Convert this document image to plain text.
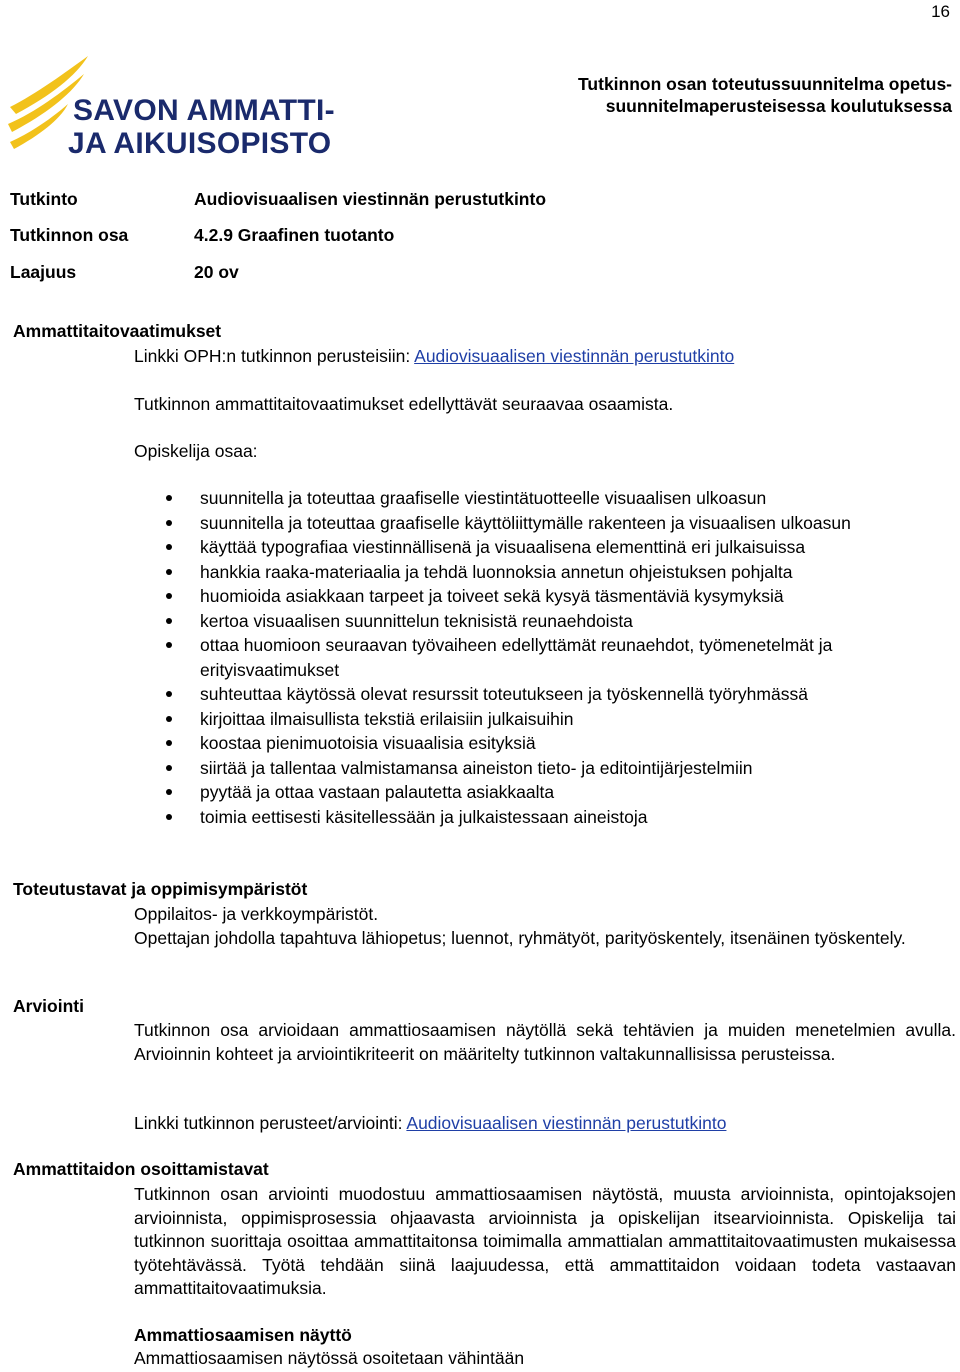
16
SAVON AMMATTI-
JA AIKUISOPISTO
Tutkinnon osan toteutussuunnitelma opetus-
suunnitelmaperusteisessa koulutuksessa
Tutkinto	Audiovisuaalisen viestinnän perustutkinto
Tutkinnon osa	4.2.9 Graafinen tuotanto
Laajuus	20 ov
Ammattitaitovaatimukset
Linkki OPH:n tutkinnon perusteisiin: Audiovisuaalisen viestinnän perustutkinto
Tutkinnon ammattitaitovaatimukset edellyttävät seuraavaa osaamista.
Opiskelija osaa:
suunnitella ja toteuttaa graafiselle viestintätuotteelle visuaalisen ulkoasun
suunnitella ja toteuttaa graafiselle käyttöliittymälle rakenteen ja visuaalisen ulkoasun
käyttää typografiaa viestinnällisenä ja visuaalisena elementtinä eri julkaisuissa
hankkia raaka-materiaalia ja tehdä luonnoksia annetun ohjeistuksen pohjalta
huomioida asiakkaan tarpeet ja toiveet sekä kysyä täsmentäviä kysymyksiä
kertoa visuaalisen suunnittelun teknisistä reunaehdoista
ottaa huomioon seuraavan työvaiheen edellyttämät reunaehdot, työmenetelmät ja erityisvaatimukset
suhteuttaa käytössä olevat resurssit toteutukseen ja työskennellä työryhmässä
kirjoittaa ilmaisullista tekstiä erilaisiin julkaisuihin
koostaa pienimuotoisia visuaalisia esityksiä
siirtää ja tallentaa valmistamansa aineiston tieto- ja editointijärjestelmiin
pyytää ja ottaa vastaan palautetta asiakkaalta
toimia eettisesti käsitellessään ja julkaistessaan aineistoja
Toteutustavat ja oppimisympäristöt
Oppilaitos- ja verkkoympäristöt.
Opettajan johdolla tapahtuva lähiopetus; luennot, ryhmätyöt, parityöskentely, itsenäinen työskentely.
Arviointi
Tutkinnon osa arvioidaan ammattiosaamisen näytöllä sekä tehtävien ja muiden menetelmien avulla. Arvioinnin kohteet ja arviointikriteerit on määritelty tutkinnon valtakunnallisissa perusteissa.
Linkki tutkinnon perusteet/arviointi: Audiovisuaalisen viestinnän perustutkinto
Ammattitaidon osoittamistavat
Tutkinnon osan arviointi muodostuu ammattiosaamisen näytöstä, muusta arvioinnista, opintojaksojen arvioinnista, oppimisprosessia ohjaavasta arvioinnista ja opiskelijan itsearvioinnista. Opiskelija tai tutkinnon suorittaja osoittaa ammattitaitonsa toimimalla ammattialan ammattitaitovaatimusten mukaisessa työtehtävässä. Työtä tehdään siinä laajuudessa, että ammattitaidon voidaan todeta vastaavan ammattitaitovaatimuksia.
Ammattiosaamisen näyttö
Ammattiosaamisen näytössä osoitetaan vähintään
